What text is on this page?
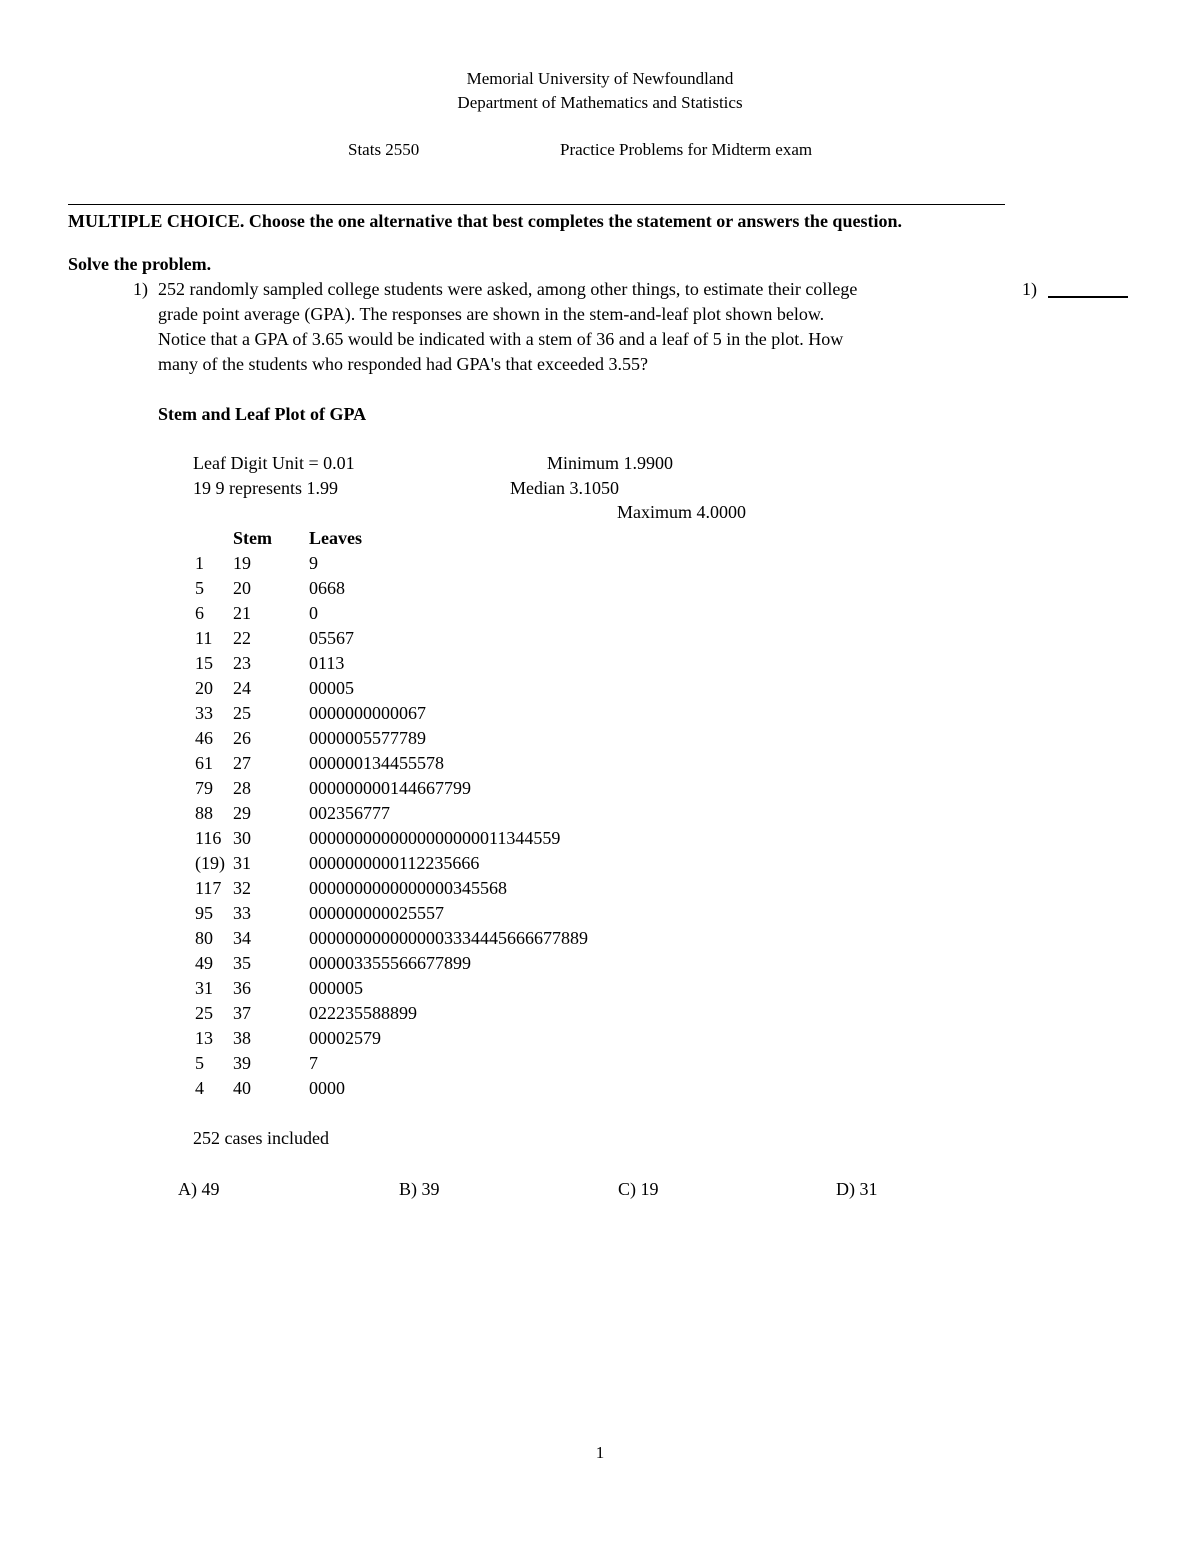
Memorial University of Newfoundland
Department of Mathematics and Statistics
Stats 2550	Practice Problems for Midterm exam
MULTIPLE CHOICE. Choose the one alternative that best completes the statement or answers the question.
Solve the problem.
1) 252 randomly sampled college students were asked, among other things, to estimate their college
grade point average (GPA). The responses are shown in the stem-and-leaf plot shown below.
Notice that a GPA of 3.65 would be indicated with a stem of 36 and a leaf of 5 in the plot. How
many of the students who responded had GPA's that exceeded 3.55?
1)
Stem and Leaf Plot of GPA
Leaf Digit Unit = 0.01
19 9 represents 1.99
Minimum 1.9900
Median 3.1050
Maximum 4.0000
Stem Leaves
1 19	9
5 20	0668
6 21	0
11 22	05567
15 23	0113
20 24	00005
33 25	0000000000067
46 26	0000005577789
61 27	000000134455578
79 28	000000000144667799
88 29	002356777
116 30	0000000000000000000011344559
(19) 31	0000000000112235666
117 32	0000000000000000345568
95 33	000000000025557
80 34	0000000000000003334445666677889
49 35	000003355566677899
31 36	000005
25 37	022235588899
13 38	00002579
5 39	7
4 40	0000
252 cases included
A) 49	B) 39	C) 19	D) 31
1
